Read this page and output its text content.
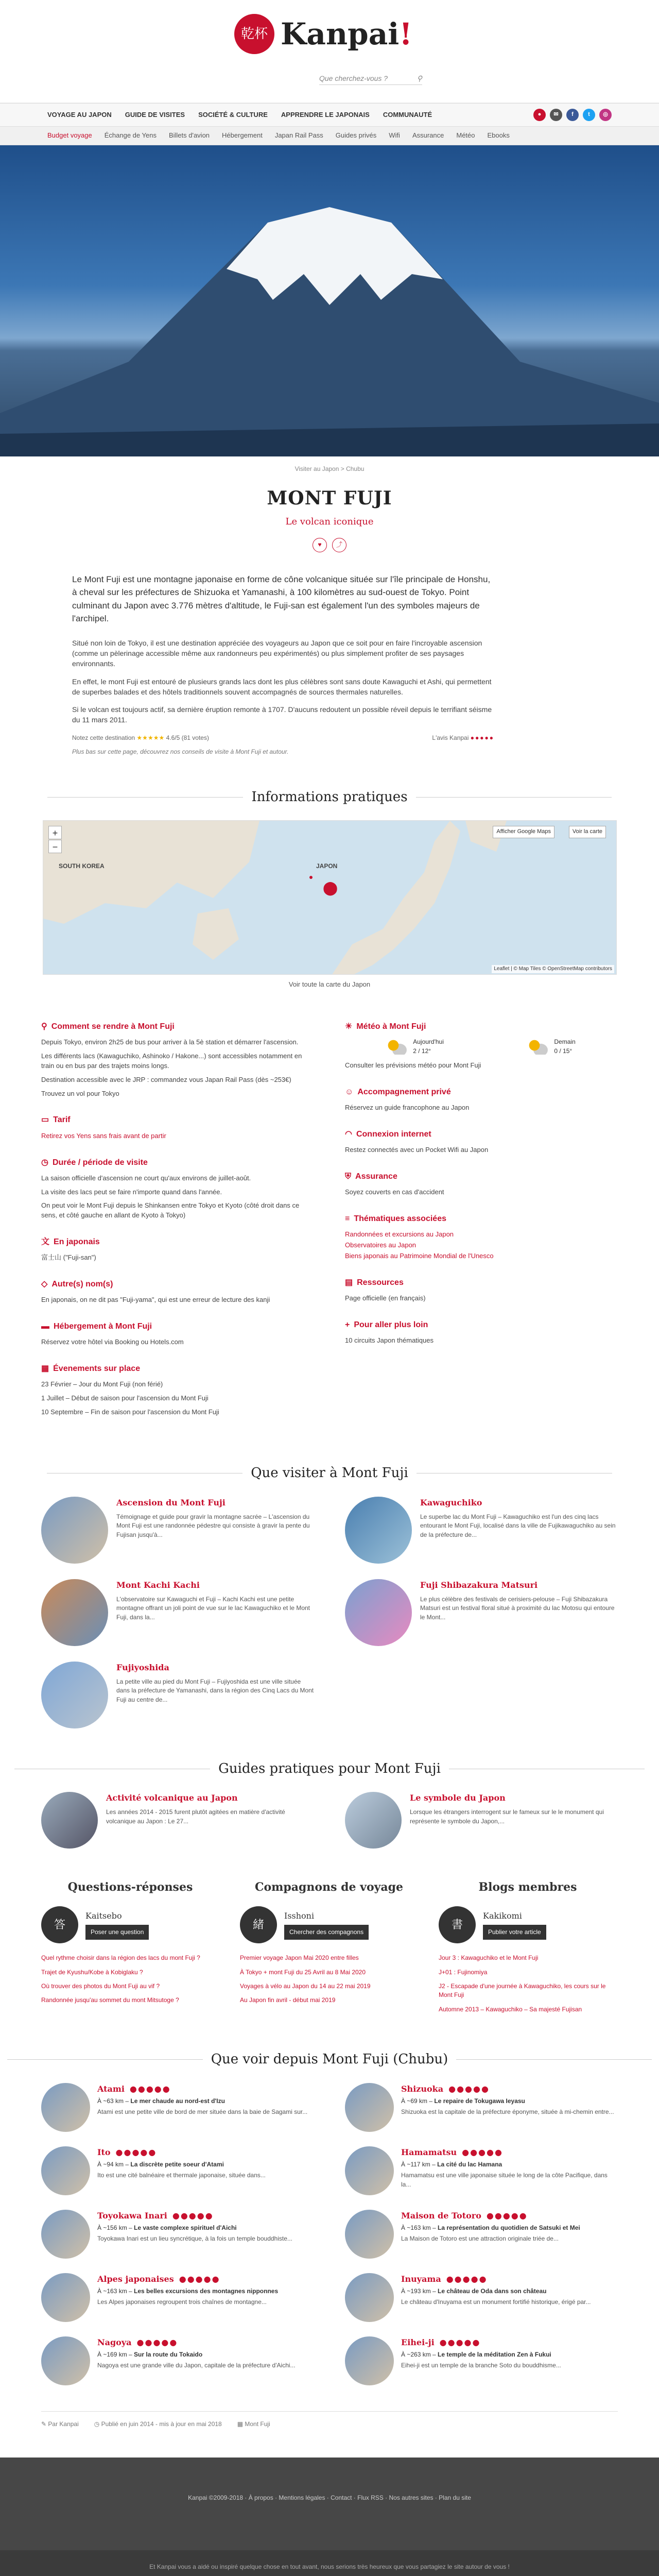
乾杯 Kanpai!
Que cherchez-vous ?	⚲
VOYAGE AU JAPON GUIDE DE VISITES SOCIÉTÉ & CULTURE APPRENDRE LE JAPONAIS COMMUNAUTÉ	●	✉	f	t	◎
Budget voyage Échange de Yens Billets d'avion Hébergement Japan Rail Pass Guides privés Wifi Assurance Météo Ebooks
Visiter au Japon > Chubu
MONT FUJI
Le volcan iconique
♥	⤴
Le Mont Fuji est une montagne japonaise en forme de cône volcanique située sur l'île principale de Honshu, à cheval sur les préfectures de Shizuoka et Yamanashi, à 100 kilomètres au sud-ouest de Tokyo. Point culminant du Japon avec 3.776 mètres d'altitude, le Fuji-san est également l'un des symboles majeurs de l'archipel.

Situé non loin de Tokyo, il est une destination appréciée des voyageurs au Japon que ce soit pour en faire l'incroyable ascension (comme un pèlerinage accessible même aux randonneurs peu expérimentés) ou plus simplement profiter de ses paysages environnants.

En effet, le mont Fuji est entouré de plusieurs grands lacs dont les plus célèbres sont sans doute Kawaguchi et Ashi, qui permettent de superbes balades et des hôtels traditionnels souvent accompagnés de sources thermales naturelles.

Si le volcan est toujours actif, sa dernière éruption remonte à 1707. D'aucuns redoutent un possible réveil depuis le terrifiant séisme du 11 mars 2011.

Notez cette destination ★★★★★ 4.6/5 (81 votes)	L'avis Kanpai ●●●●●
Plus bas sur cette page, découvrez nos conseils de visite à Mont Fuji et autour.
Informations pratiques
+
−
SOUTH KOREA	JAPON
⬤
Afficher Google Maps	Voir la carte
Leaflet | © Map Tiles © OpenStreetMap contributors
Voir toute la carte du Japon
⚲ Comment se rendre à Mont Fuji

Depuis Tokyo, environ 2h25 de bus pour arriver à la 5è station et démarrer l'ascension.

Les différents lacs (Kawaguchiko, Ashinoko / Hakone...) sont accessibles notamment en train ou en bus par des trajets moins longs.

Destination accessible avec le JRP : commandez vous Japan Rail Pass (dès ~253€)

Trouvez un vol pour Tokyo

▭ Tarif

Retirez vos Yens sans frais avant de partir

◷ Durée / période de visite

La saison officielle d'ascension ne court qu'aux environs de juillet-août.

La visite des lacs peut se faire n'importe quand dans l'année.

On peut voir le Mont Fuji depuis le Shinkansen entre Tokyo et Kyoto (côté droit dans ce sens, et côté gauche en allant de Kyoto à Tokyo)

文 En japonais

富士山 ("Fuji-san")

◇ Autre(s) nom(s)

En japonais, on ne dit pas "Fuji-yama", qui est une erreur de lecture des kanji

▬ Hébergement à Mont Fuji

Réservez votre hôtel via Booking ou Hotels.com

▦ Évenements sur place

23 Février – Jour du Mont Fuji (non férié)

1 Juillet – Début de saison pour l'ascension du Mont Fuji

10 Septembre – Fin de saison pour l'ascension du Mont Fuji

☀ Météo à Mont Fuji
Aujourd'hui
2 / 12°
Demain
0 / 15°

Consulter les prévisions météo pour Mont Fuji

☺ Accompagnement privé

Réservez un guide francophone au Japon

◠ Connexion internet

Restez connectés avec un Pocket Wifi au Japon

⛨ Assurance

Soyez couverts en cas d'accident

≡ Thématiques associées

Randonnées et excursions au Japon

Observatoires au Japon

Biens japonais au Patrimoine Mondial de l'Unesco

▤ Ressources

Page officielle (en français)

+ Pour aller plus loin

10 circuits Japon thématiques

Que visiter à Mont Fuji
Ascension du Mont Fuji

Témoignage et guide pour gravir la montagne sacrée – L'ascension du Mont Fuji est une randonnée pédestre qui consiste à gravir la pente du Fujisan jusqu'à...

Kawaguchiko

Le superbe lac du Mont Fuji – Kawaguchiko est l'un des cinq lacs entourant le Mont Fuji, localisé dans la ville de Fujikawaguchiko au sein de la préfecture de...

Mont Kachi Kachi

L'observatoire sur Kawaguchi et Fuji – Kachi Kachi est une petite montagne offrant un joli point de vue sur le lac Kawaguchiko et le Mont Fuji, dans la...

Fuji Shibazakura Matsuri

Le plus célèbre des festivals de cerisiers-pelouse – Fuji Shibazakura Matsuri est un festival floral situé à proximité du lac Motosu qui entoure le Mont...

Fujiyoshida

La petite ville au pied du Mont Fuji – Fujiyoshida est une ville située dans la préfecture de Yamanashi, dans la région des Cinq Lacs du Mont Fuji au centre de...

Guides pratiques pour Mont Fuji
Activité volcanique au Japon

Les années 2014 - 2015 furent plutôt agitées en matière d'activité volcanique au Japon : Le 27...

Le symbole du Japon

Lorsque les étrangers interrogent sur le fameux sur le le monument qui représente le symbole du Japon,...

Questions-réponses
答
Kaitsebo
Poser une question
Quel rythme choisir dans la région des lacs du mont Fuji ?
Trajet de Kyushu/Kobe à Kobiglaku ?
Où trouver des photos du Mont Fuji au vif ?
Randonnée jusqu'au sommet du mont Mitsutoge ?
Compagnons de voyage
緒
Isshoni
Chercher des compagnons
Premier voyage Japon Mai 2020 entre filles
À Tokyo + mont Fuji du 25 Avril au 8 Mai 2020
Voyages à vélo au Japon du 14 au 22 mai 2019
Au Japon fin avril - début mai 2019
Blogs membres
書
Kakikomi
Publier votre article
Jour 3 : Kawaguchiko et le Mont Fuji
J+01 : Fujinomiya
J2 - Escapade d'une journée à Kawaguchiko, les cours sur le Mont Fuji
Automne 2013 – Kawaguchiko – Sa majesté Fujisan
Que voir depuis Mont Fuji (Chubu)
Atami ●●●●●
À ~63 km – Le mer chaude au nord-est d'Izu

Atami est une petite ville de bord de mer située dans la baie de Sagami sur...

Shizuoka ●●●●●
À ~69 km – Le repaire de Tokugawa Ieyasu

Shizuoka est la capitale de la préfecture éponyme, située à mi-chemin entre...

Ito ●●●●●
À ~94 km – La discrète petite soeur d'Atami

Ito est une cité balnéaire et thermale japonaise, située dans...

Hamamatsu ●●●●●
À ~117 km – La cité du lac Hamana

Hamamatsu est une ville japonaise située le long de la côte Pacifique, dans la...

Toyokawa Inari ●●●●●
À ~156 km – Le vaste complexe spirituel d'Aichi

Toyokawa Inari est un lieu syncrétique, à la fois un temple bouddhiste...

Maison de Totoro ●●●●●
À ~163 km – La représentation du quotidien de Satsuki et Mei

La Maison de Totoro est une attraction originale triée de...

Alpes japonaises ●●●●●
À ~163 km – Les belles excursions des montagnes nipponnes

Les Alpes japonaises regroupent trois chaînes de montagne...

Inuyama ●●●●●
À ~193 km – Le château de Oda dans son château

Le château d'Inuyama est un monument fortifié historique, érigé par...

Nagoya ●●●●●
À ~169 km – Sur la route du Tokaido

Nagoya est une grande ville du Japon, capitale de la préfecture d'Aichi...

Eihei-ji ●●●●●
À ~263 km – Le temple de la méditation Zen à Fukui

Eihei-ji est un temple de la branche Soto du bouddhisme...

✎ Par Kanpai	◷ Publié en juin 2014 - mis à jour en mai 2018	▦ Mont Fuji
Kanpai ©2009-2018 · À propos · Mentions légales · Contact · Flux RSS · Nos autres sites · Plan du site
Et Kanpai vous a aidé ou inspiré quelque chose en tout avant, nous serions très heureux que vous partagiez le site autour de vous !
